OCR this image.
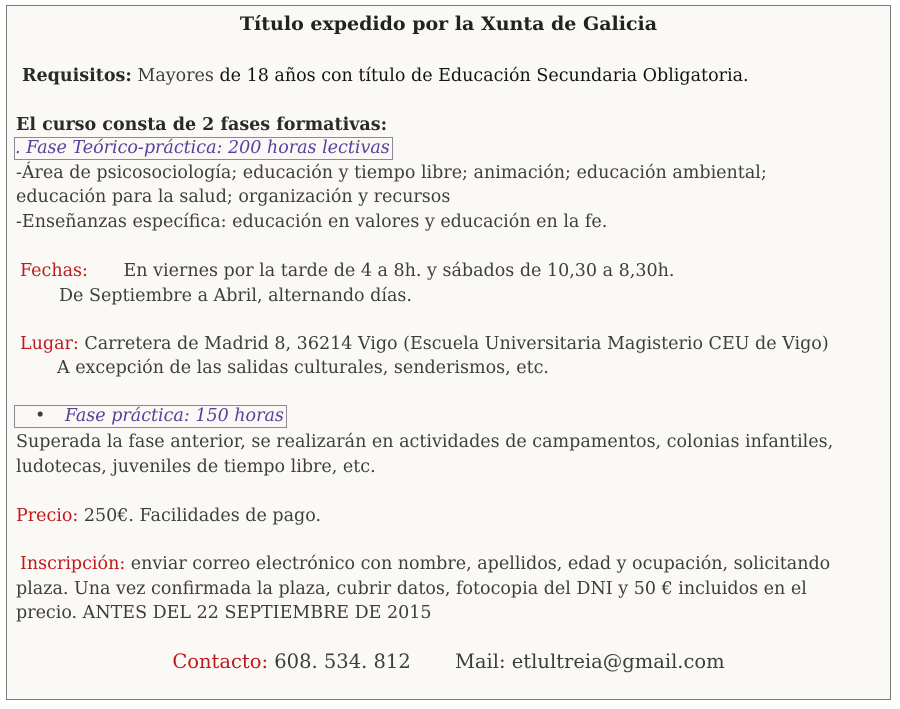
Título expedido por la Xunta de Galicia
Requisitos: Mayores de 18 años con título de Educación Secundaria Obligatoria.
El curso consta de 2 fases formativas:
. Fase Teórico-práctica: 200 horas lectivas
-Área de psicosociología; educación y tiempo libre; animación; educación ambiental;
educación para la salud; organización y recursos
-Enseñanzas específica: educación en valores y educación en la fe.
Fechas: En viernes por la tarde de 4 a 8h. y sábados de 10,30 a 8,30h.
De Septiembre a Abril, alternando días.
Lugar: Carretera de Madrid 8, 36214 Vigo (Escuela Universitaria Magisterio CEU de Vigo)
A excepción de las salidas culturales, senderismos, etc.
• Fase práctica: 150 horas
Superada la fase anterior, se realizarán en actividades de campamentos, colonias infantiles,
ludotecas, juveniles de tiempo libre, etc.
Precio: 250€. Facilidades de pago.
Inscripción: enviar correo electrónico con nombre, apellidos, edad y ocupación, solicitando
plaza. Una vez confirmada la plaza, cubrir datos, fotocopia del DNI y 50 € incluidos en el
precio. ANTES DEL 22 SEPTIEMBRE DE 2015
Contacto: 608. 534. 812 Mail: etlultreia@gmail.com
